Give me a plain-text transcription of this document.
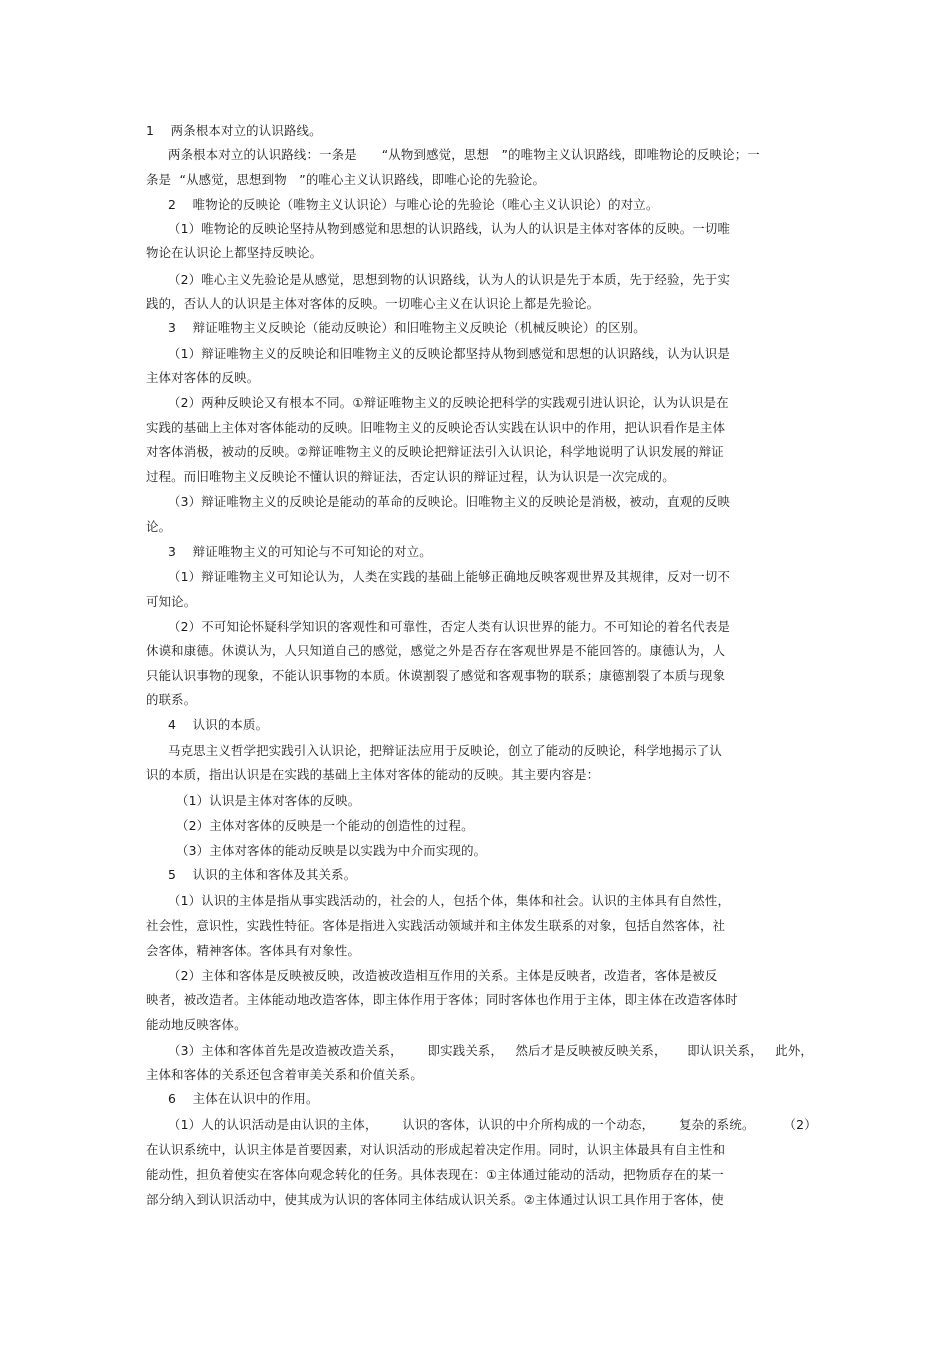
1    两条根本对立的认识路线。

两条根本对立的认识路线：一条是      “从物到感觉，思想   ”的唯物主义认识路线，即唯物论的反映论；一

条是  “从感觉，思想到物   ”的唯心主义认识路线，即唯心论的先验论。

2    唯物论的反映论（唯物主义认识论）与唯心论的先验论（唯心主义认识论）的对立。

（1）唯物论的反映论坚持从物到感觉和思想的认识路线，认为人的认识是主体对客体的反映。一切唯

物论在认识论上都坚持反映论。

（2）唯心主义先验论是从感觉，思想到物的认识路线，认为人的认识是先于本质，先于经验，先于实

践的，否认人的认识是主体对客体的反映。一切唯心主义在认识论上都是先验论。

3    辩证唯物主义反映论（能动反映论）和旧唯物主义反映论（机械反映论）的区别。

（1）辩证唯物主义的反映论和旧唯物主义的反映论都坚持从物到感觉和思想的认识路线，认为认识是

主体对客体的反映。

（2）两种反映论又有根本不同。①辩证唯物主义的反映论把科学的实践观引进认识论，认为认识是在

实践的基础上主体对客体能动的反映。旧唯物主义的反映论否认实践在认识中的作用，把认识看作是主体

对客体消极，被动的反映。②辩证唯物主义的反映论把辩证法引入认识论，科学地说明了认识发展的辩证

过程。而旧唯物主义反映论不懂认识的辩证法，否定认识的辩证过程，认为认识是一次完成的。

（3）辩证唯物主义的反映论是能动的革命的反映论。旧唯物主义的反映论是消极，被动，直观的反映

论。

3    辩证唯物主义的可知论与不可知论的对立。

（1）辩证唯物主义可知论认为，人类在实践的基础上能够正确地反映客观世界及其规律，反对一切不

可知论。

（2）不可知论怀疑科学知识的客观性和可靠性，否定人类有认识世界的能力。不可知论的着名代表是

休谟和康德。休谟认为，人只知道自己的感觉，感觉之外是否存在客观世界是不能回答的。康德认为，人

只能认识事物的现象，不能认识事物的本质。休谟割裂了感觉和客观事物的联系；康德割裂了本质与现象

的联系。

4    认识的本质。

马克思主义哲学把实践引入认识论，把辩证法应用于反映论，创立了能动的反映论，科学地揭示了认

识的本质，指出认识是在实践的基础上主体对客体的能动的反映。其主要内容是：

（1）认识是主体对客体的反映。

（2）主体对客体的反映是一个能动的创造性的过程。

（3）主体对客体的能动反映是以实践为中介而实现的。

5    认识的主体和客体及其关系。

（1）认识的主体是指从事实践活动的，社会的人，包括个体，集体和社会。认识的主体具有自然性，

社会性，意识性，实践性特征。客体是指进入实践活动领域并和主体发生联系的对象，包括自然客体，社

会客体，精神客体。客体具有对象性。

（2）主体和客体是反映被反映，改造被改造相互作用的关系。主体是反映者，改造者，客体是被反

映者，被改造者。主体能动地改造客体，即主体作用于客体；同时客体也作用于主体，即主体在改造客体时

能动地反映客体。

（3）主体和客体首先是改造被改造关系，      即实践关系，   然后才是反映被反映关系，     即认识关系，   此外，

主体和客体的关系还包含着审美关系和价值关系。

6    主体在认识中的作用。

（1）人的认识活动是由认识的主体，      认识的客体，认识的中介所构成的一个动态，      复杂的系统。       （2）

在认识系统中，认识主体是首要因素，对认识活动的形成起着决定作用。同时，认识主体最具有自主性和

能动性，担负着使实在客体向观念转化的任务。具体表现在：①主体通过能动的活动，把物质存在的某一

部分纳入到认识活动中，使其成为认识的客体同主体结成认识关系。②主体通过认识工具作用于客体，使
